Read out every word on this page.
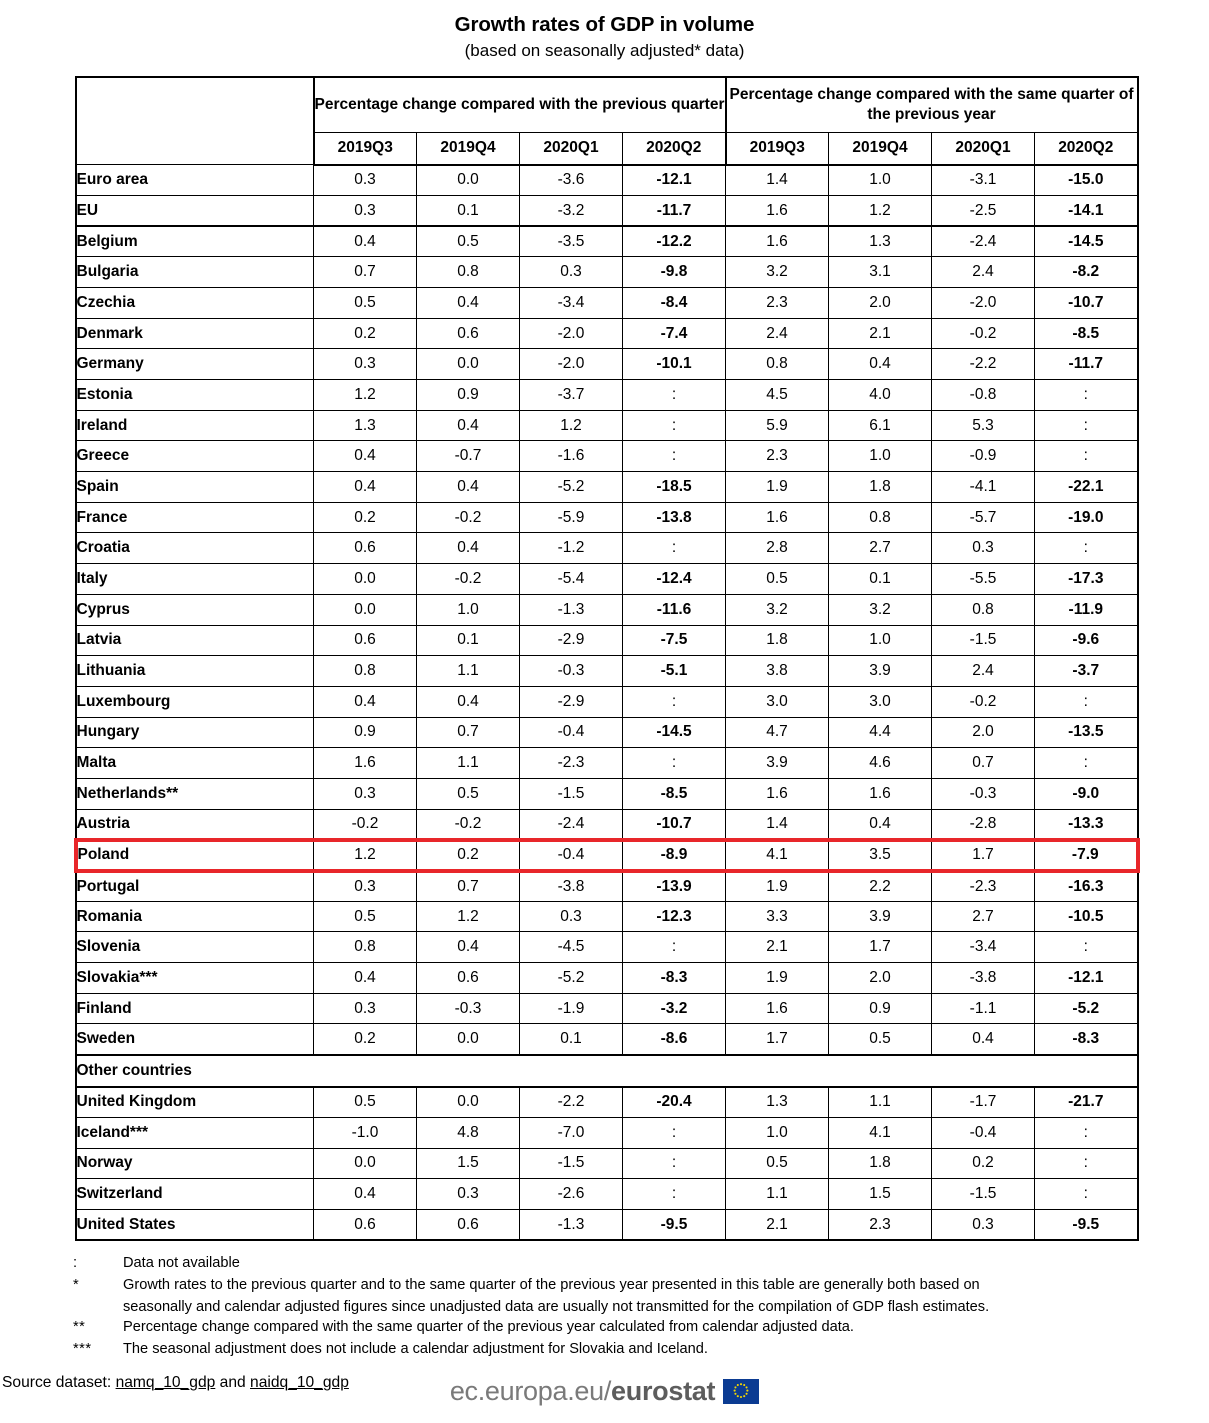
Growth rates of GDP in volume
(based on seasonally adjusted* data)
	Percentage change compared with the previous quarter				Percentage change compared with the same quarter of the previous year			
	2019Q3	2019Q4	2020Q1	2020Q2	2019Q3	2019Q4	2020Q1	2020Q2
Euro area	0.3	0.0	-3.6	-12.1	1.4	1.0	-3.1	-15.0
EU	0.3	0.1	-3.2	-11.7	1.6	1.2	-2.5	-14.1
Belgium	0.4	0.5	-3.5	-12.2	1.6	1.3	-2.4	-14.5
Bulgaria	0.7	0.8	0.3	-9.8	3.2	3.1	2.4	-8.2
Czechia	0.5	0.4	-3.4	-8.4	2.3	2.0	-2.0	-10.7
Denmark	0.2	0.6	-2.0	-7.4	2.4	2.1	-0.2	-8.5
Germany	0.3	0.0	-2.0	-10.1	0.8	0.4	-2.2	-11.7
Estonia	1.2	0.9	-3.7	:	4.5	4.0	-0.8	:
Ireland	1.3	0.4	1.2	:	5.9	6.1	5.3	:
Greece	0.4	-0.7	-1.6	:	2.3	1.0	-0.9	:
Spain	0.4	0.4	-5.2	-18.5	1.9	1.8	-4.1	-22.1
France	0.2	-0.2	-5.9	-13.8	1.6	0.8	-5.7	-19.0
Croatia	0.6	0.4	-1.2	:	2.8	2.7	0.3	:
Italy	0.0	-0.2	-5.4	-12.4	0.5	0.1	-5.5	-17.3
Cyprus	0.0	1.0	-1.3	-11.6	3.2	3.2	0.8	-11.9
Latvia	0.6	0.1	-2.9	-7.5	1.8	1.0	-1.5	-9.6
Lithuania	0.8	1.1	-0.3	-5.1	3.8	3.9	2.4	-3.7
Luxembourg	0.4	0.4	-2.9	:	3.0	3.0	-0.2	:
Hungary	0.9	0.7	-0.4	-14.5	4.7	4.4	2.0	-13.5
Malta	1.6	1.1	-2.3	:	3.9	4.6	0.7	:
Netherlands**	0.3	0.5	-1.5	-8.5	1.6	1.6	-0.3	-9.0
Austria	-0.2	-0.2	-2.4	-10.7	1.4	0.4	-2.8	-13.3
Poland	1.2	0.2	-0.4	-8.9	4.1	3.5	1.7	-7.9
Portugal	0.3	0.7	-3.8	-13.9	1.9	2.2	-2.3	-16.3
Romania	0.5	1.2	0.3	-12.3	3.3	3.9	2.7	-10.5
Slovenia	0.8	0.4	-4.5	:	2.1	1.7	-3.4	:
Slovakia***	0.4	0.6	-5.2	-8.3	1.9	2.0	-3.8	-12.1
Finland	0.3	-0.3	-1.9	-3.2	1.6	0.9	-1.1	-5.2
Sweden	0.2	0.0	0.1	-8.6	1.7	0.5	0.4	-8.3
Other countries								
United Kingdom	0.5	0.0	-2.2	-20.4	1.3	1.1	-1.7	-21.7
Iceland***	-1.0	4.8	-7.0	:	1.0	4.1	-0.4	:
Norway	0.0	1.5	-1.5	:	0.5	1.8	0.2	:
Switzerland	0.4	0.3	-2.6	:	1.1	1.5	-1.5	:
United States	0.6	0.6	-1.3	-9.5	2.1	2.3	0.3	-9.5
:	Data not available
*	Growth rates to the previous quarter and to the same quarter of the previous year presented in this table are generally both based on
seasonally and calendar adjusted figures since unadjusted data are usually not transmitted for the compilation of GDP flash estimates.
**	Percentage change compared with the same quarter of the previous year calculated from calendar adjusted data.
***	The seasonal adjustment does not include a calendar adjustment for Slovakia and Iceland.
Source dataset: namq_10_gdp and naidq_10_gdp	ec.europa.eu/ eurostat
